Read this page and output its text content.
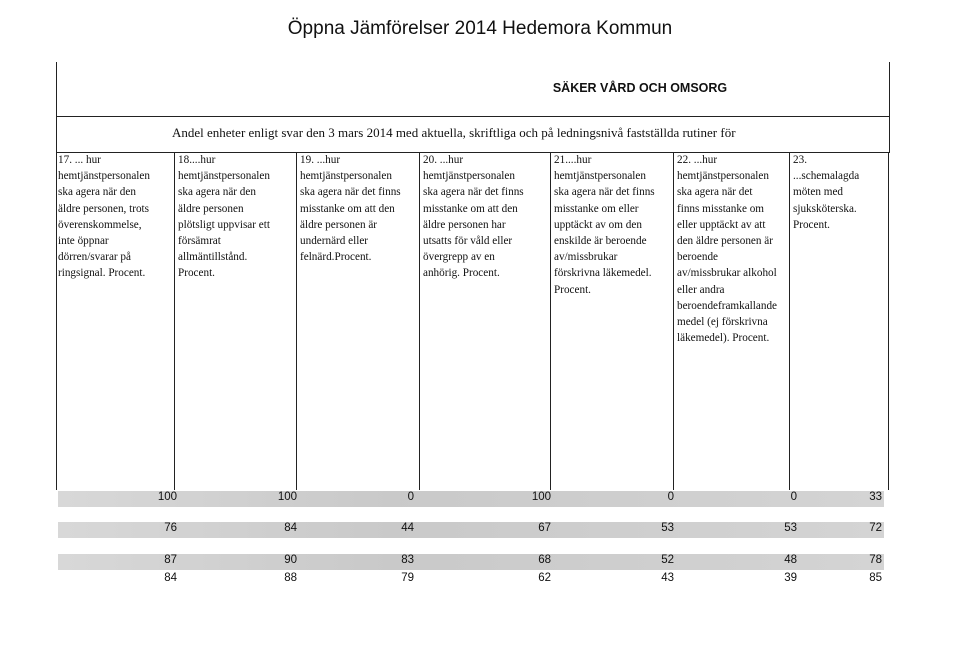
Öppna Jämförelser 2014 Hedemora Kommun
SÄKER VÅRD OCH OMSORG
Andel enheter enligt svar den 3 mars 2014 med aktuella, skriftliga och på ledningsnivå fastställda rutiner för
17. ... hur
hemtjänstpersonalen
ska agera när den
äldre personen, trots
överenskommelse,
inte öppnar
dörren/svarar på
ringsignal. Procent.
18....hur
hemtjänstpersonalen
ska agera när den
äldre personen
plötsligt uppvisar ett
försämrat
allmäntillstånd.
Procent.
19. ...hur
hemtjänstpersonalen
ska agera när det finns
misstanke om att den
äldre personen är
undernärd eller
felnärd.Procent.
20. ...hur
hemtjänstpersonalen
ska agera när det finns
misstanke om att den
äldre personen har
utsatts för våld eller
övergrepp av en
anhörig. Procent.
21....hur
hemtjänstpersonalen
ska agera när det finns
misstanke om eller
upptäckt av om den
enskilde är beroende
av/missbrukar
förskrivna läkemedel.
Procent.
22. ...hur
hemtjänstpersonalen
ska agera när det
finns misstanke om
eller upptäckt av att
den äldre personen är
beroende
av/missbrukar alkohol
eller andra
beroendeframkallande
medel (ej förskrivna
läkemedel). Procent.
23.
...schemalagda
möten med
sjuksköterska.
Procent.
100	100	0	100	0	0	33
76	84	44	67	53	53	72
87	90	83	68	52	48	78
84	88	79	62	43	39	85
